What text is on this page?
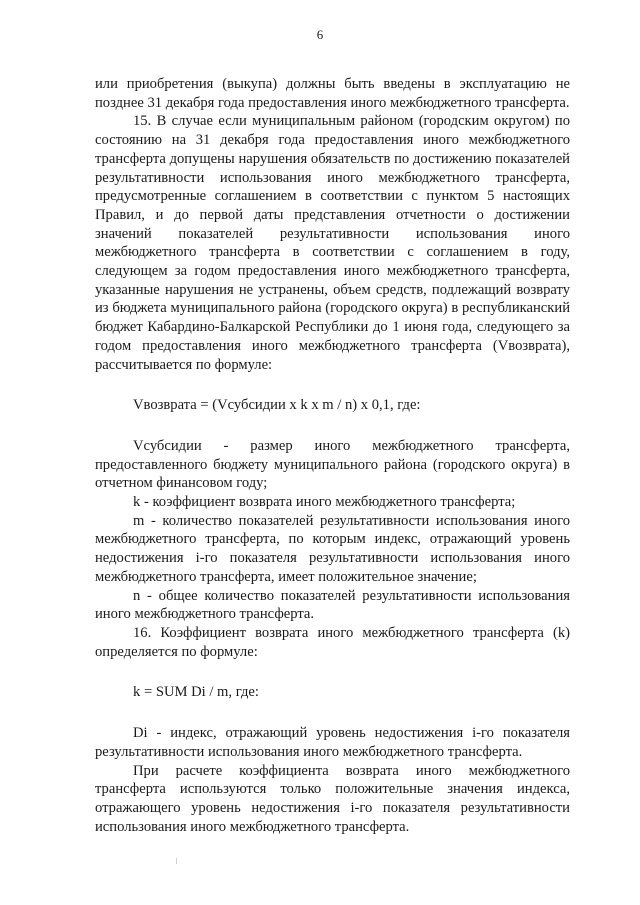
6

или приобретения (выкупа) должны быть введены в эксплуатацию не позднее 31 декабря года предоставления иного межбюджетного трансферта.

15. В случае если муниципальным районом (городским округом) по состоянию на 31 декабря года предоставления иного межбюджетного трансферта допущены нарушения обязательств по достижению показателей результативности использования иного межбюджетного трансферта, предусмотренные соглашением в соответствии с пунктом 5 настоящих Правил, и до первой даты представления отчетности о достижении значений показателей результативности использования иного межбюджетного трансферта в соответствии с соглашением в году, следующем за годом предоставления иного межбюджетного трансферта, указанные нарушения не устранены, объем средств, подлежащий возврату из бюджета муниципального района (городского округа) в республиканский бюджет Кабардино-Балкарской Республики до 1 июня года, следующего за годом предоставления иного межбюджетного трансферта (Vвозврата), рассчитывается по формуле:

Vвозврата = (Vсубсидии x k x m / n) x 0,1, где:

Vсубсидии - размер иного межбюджетного трансферта, предоставленного бюджету муниципального района (городского округа) в отчетном финансовом году;

k - коэффициент возврата иного межбюджетного трансферта;

m - количество показателей результативности использования иного межбюджетного трансферта, по которым индекс, отражающий уровень недостижения i-го показателя результативности использования иного межбюджетного трансферта, имеет положительное значение;

n - общее количество показателей результативности использования иного межбюджетного трансферта.

16. Коэффициент возврата иного межбюджетного трансферта (k) определяется по формуле:

k = SUM Di / m, где:

Di - индекс, отражающий уровень недостижения i-го показателя результативности использования иного межбюджетного трансферта.

При расчете коэффициента возврата иного межбюджетного трансферта используются только положительные значения индекса, отражающего уровень недостижения i-го показателя результативности использования иного межбюджетного трансферта.
